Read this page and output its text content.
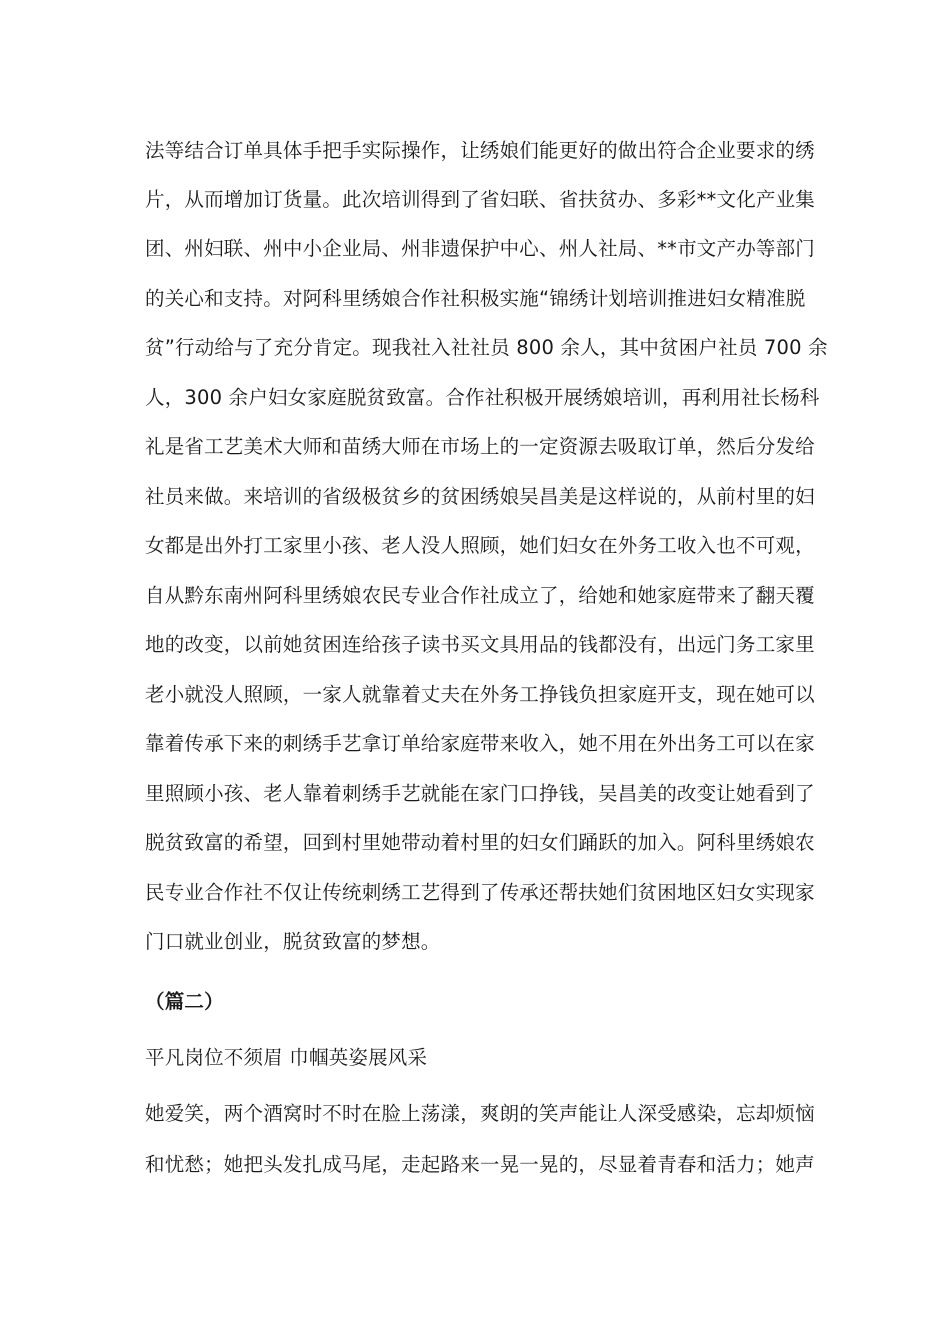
法等结合订单具体手把手实际操作，让绣娘们能更好的做出符合企业要求的绣
片，从而增加订货量。此次培训得到了省妇联、省扶贫办、多彩**文化产业集
团、州妇联、州中小企业局、州非遗保护中心、州人社局、**市文产办等部门
的关心和支持。对阿科里绣娘合作社积极实施“锦绣计划培训推进妇女精准脱
贫”行动给与了充分肯定。现我社入社社员 800 余人，其中贫困户社员 700 余
人，300 余户妇女家庭脱贫致富。合作社积极开展绣娘培训，再利用社长杨科
礼是省工艺美术大师和苗绣大师在市场上的一定资源去吸取订单，然后分发给
社员来做。来培训的省级极贫乡的贫困绣娘吴昌美是这样说的，从前村里的妇
女都是出外打工家里小孩、老人没人照顾，她们妇女在外务工收入也不可观，
自从黔东南州阿科里绣娘农民专业合作社成立了，给她和她家庭带来了翻天覆
地的改变，以前她贫困连给孩子读书买文具用品的钱都没有，出远门务工家里
老小就没人照顾，一家人就靠着丈夫在外务工挣钱负担家庭开支，现在她可以
靠着传承下来的刺绣手艺拿订单给家庭带来收入，她不用在外出务工可以在家
里照顾小孩、老人靠着刺绣手艺就能在家门口挣钱，吴昌美的改变让她看到了
脱贫致富的希望，回到村里她带动着村里的妇女们踊跃的加入。阿科里绣娘农
民专业合作社不仅让传统刺绣工艺得到了传承还帮扶她们贫困地区妇女实现家
门口就业创业，脱贫致富的梦想。
（篇二）
平凡岗位不须眉 巾帼英姿展风采
她爱笑，两个酒窝时不时在脸上荡漾，爽朗的笑声能让人深受感染，忘却烦恼
和忧愁；她把头发扎成马尾，走起路来一晃一晃的，尽显着青春和活力；她声
